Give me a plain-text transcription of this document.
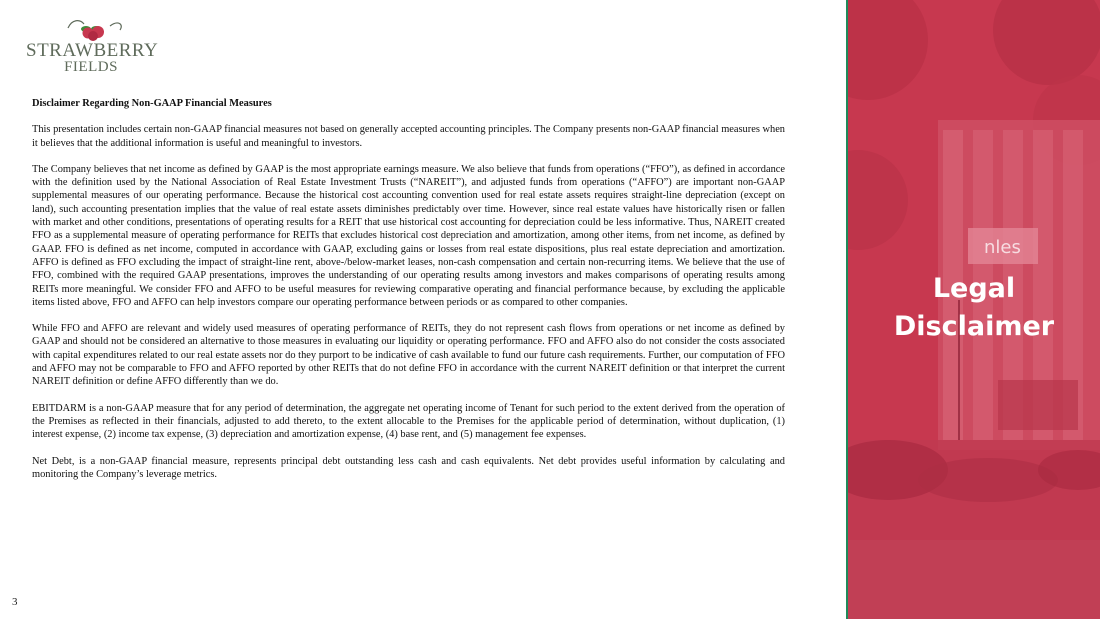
STRAWBERRY
FIELDS
Disclaimer Regarding Non-GAAP Financial Measures

This presentation includes certain non-GAAP financial measures not based on generally accepted accounting principles. The Company presents non-GAAP financial measures when it believes that the additional information is useful and meaningful to investors.

The Company believes that net income as defined by GAAP is the most appropriate earnings measure. We also believe that funds from operations (“FFO”), as defined in accordance with the definition used by the National Association of Real Estate Investment Trusts (“NAREIT”), and adjusted funds from operations (“AFFO”) are important non-GAAP supplemental measures of our operating performance. Because the historical cost accounting convention used for real estate assets requires straight-line depreciation (except on land), such accounting presentation implies that the value of real estate assets diminishes predictably over time. However, since real estate values have historically risen or fallen with market and other conditions, presentations of operating results for a REIT that use historical cost accounting for depreciation could be less informative. Thus, NAREIT created FFO as a supplemental measure of operating performance for REITs that excludes historical cost depreciation and amortization, among other items, from net income, as defined by GAAP. FFO is defined as net income, computed in accordance with GAAP, excluding gains or losses from real estate dispositions, plus real estate depreciation and amortization. AFFO is defined as FFO excluding the impact of straight-line rent, above-/below-market leases, non-cash compensation and certain non-recurring items. We believe that the use of FFO, combined with the required GAAP presentations, improves the understanding of our operating results among investors and makes comparisons of operating results among REITs more meaningful. We consider FFO and AFFO to be useful measures for reviewing comparative operating and financial performance because, by excluding the applicable items listed above, FFO and AFFO can help investors compare our operating performance between periods or as compared to other companies.

While FFO and AFFO are relevant and widely used measures of operating performance of REITs, they do not represent cash flows from operations or net income as defined by GAAP and should not be considered an alternative to those measures in evaluating our liquidity or operating performance. FFO and AFFO also do not consider the costs associated with capital expenditures related to our real estate assets nor do they purport to be indicative of cash available to fund our future cash requirements. Further, our computation of FFO and AFFO may not be comparable to FFO and AFFO reported by other REITs that do not define FFO in accordance with the current NAREIT definition or that interpret the current NAREIT definition or define AFFO differently than we do.

EBITDARM is a non-GAAP measure that for any period of determination, the aggregate net operating income of Tenant for such period to the extent derived from the operation of the Premises as reflected in their financials, adjusted to add thereto, to the extent allocable to the Premises for the applicable period of determination, without duplication, (1) interest expense, (2) income tax expense, (3) depreciation and amortization expense, (4) base rent, and (5) management fee expenses.

Net Debt, is a non-GAAP financial measure, represents principal debt outstanding less cash and cash equivalents. Net debt provides useful information by calculating and monitoring the Company’s leverage metrics.

3
nles
Legal
Disclaimer
